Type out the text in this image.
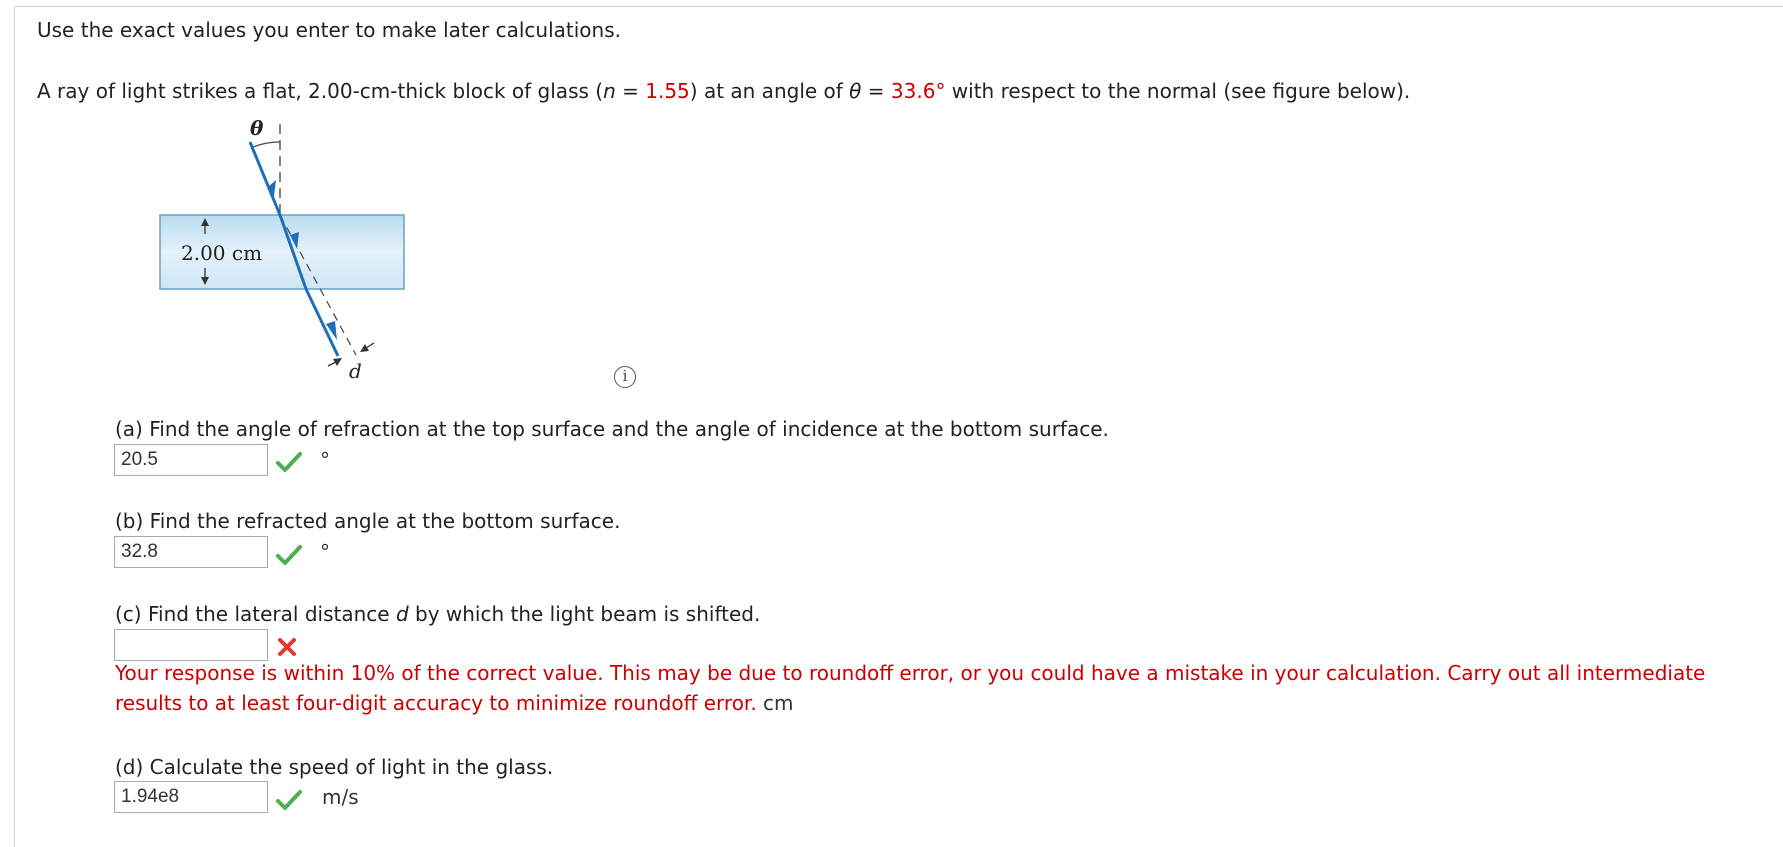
Use the exact values you enter to make later calculations.
A ray of light strikes a flat, 2.00-cm-thick block of glass (n = 1.55) at an angle of θ = 33.6° with respect to the normal (see figure below).
θ
2.00 cm
d	i
(a) Find the angle of refraction at the top surface and the angle of incidence at the bottom surface.
20.5
°
(b) Find the refracted angle at the bottom surface.
32.8
°
(c) Find the lateral distance d by which the light beam is shifted.
Your response is within 10% of the correct value. This may be due to roundoff error, or you could have a mistake in your calculation. Carry out all intermediate results to at least four-digit accuracy to minimize roundoff error. cm
(d) Calculate the speed of light in the glass.
1.94e8
m/s
